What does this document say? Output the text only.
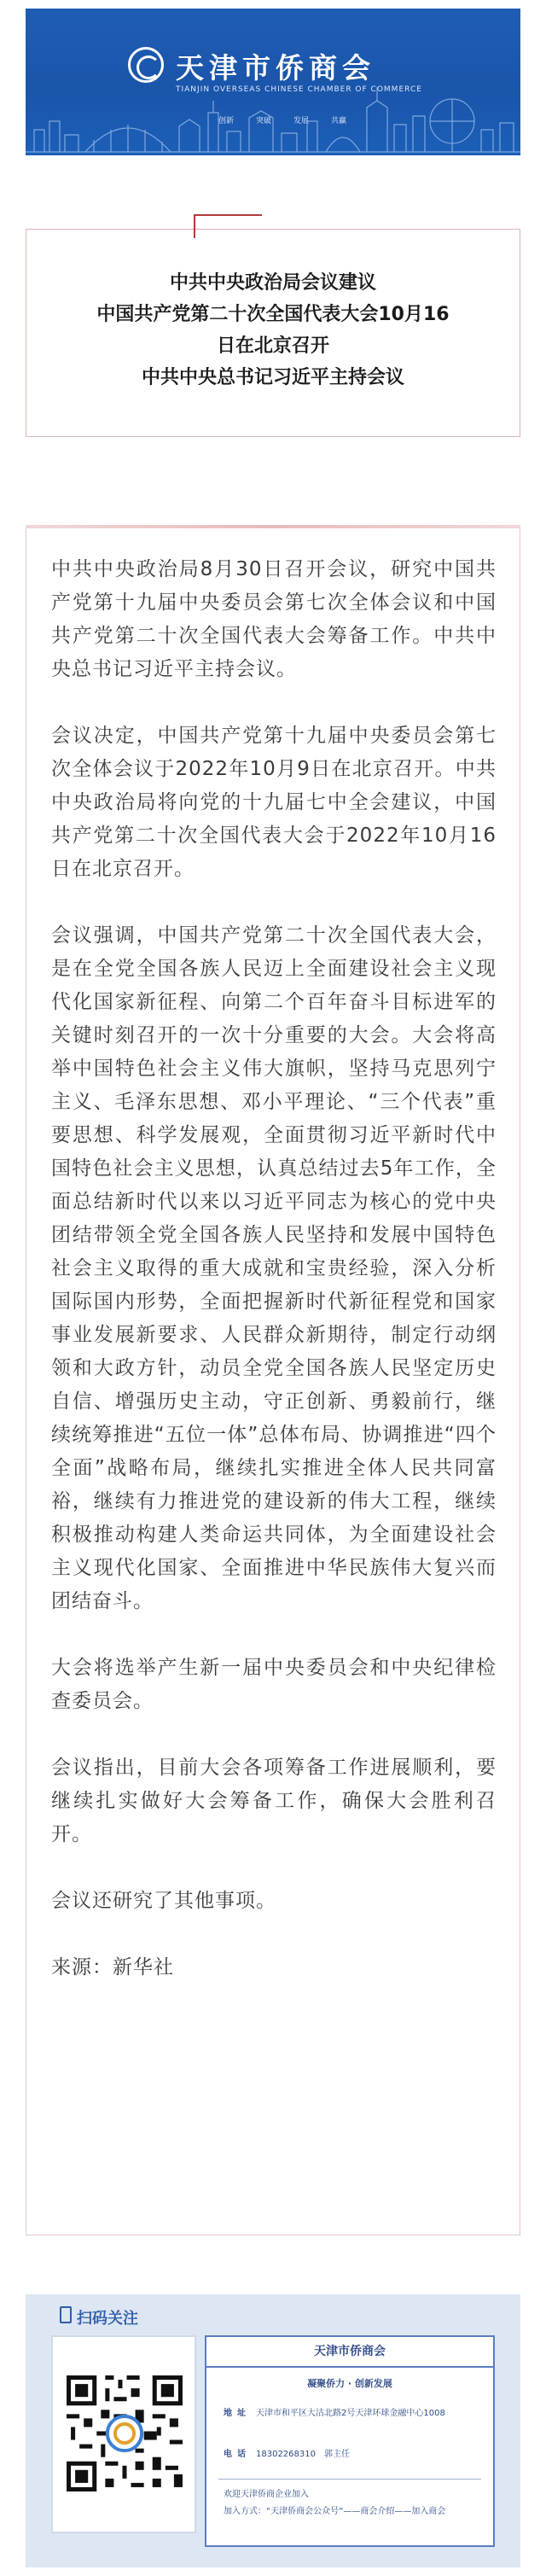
天津市侨商会
TIANJIN OVERSEAS CHINESE CHAMBER OF COMMERCE
创新	突破	发展	共赢
中共中央政治局会议建议
中国共产党第二十次全国代表大会10月16
日在北京召开
中共中央总书记习近平主持会议

中共中央政治局8月30日召开会议，研究中国共产党第十九届中央委员会第七次全体会议和中国共产党第二十次全国代表大会筹备工作。中共中央总书记习近平主持会议。

会议决定，中国共产党第十九届中央委员会第七次全体会议于2022年10月9日在北京召开。中共中央政治局将向党的十九届七中全会建议，中国共产党第二十次全国代表大会于2022年10月16日在北京召开。

会议强调，中国共产党第二十次全国代表大会，是在全党全国各族人民迈上全面建设社会主义现代化国家新征程、向第二个百年奋斗目标进军的关键时刻召开的一次十分重要的大会。大会将高举中国特色社会主义伟大旗帜，坚持马克思列宁主义、毛泽东思想、邓小平理论、“三个代表”重要思想、科学发展观，全面贯彻习近平新时代中国特色社会主义思想，认真总结过去5年工作，全面总结新时代以来以习近平同志为核心的党中央团结带领全党全国各族人民坚持和发展中国特色社会主义取得的重大成就和宝贵经验，深入分析国际国内形势，全面把握新时代新征程党和国家事业发展新要求、人民群众新期待，制定行动纲领和大政方针，动员全党全国各族人民坚定历史自信、增强历史主动，守正创新、勇毅前行，继续统筹推进“五位一体”总体布局、协调推进“四个全面”战略布局，继续扎实推进全体人民共同富裕，继续有力推进党的建设新的伟大工程，继续积极推动构建人类命运共同体，为全面建设社会主义现代化国家、全面推进中华民族伟大复兴而团结奋斗。

大会将选举产生新一届中央委员会和中央纪律检查委员会。

会议指出，目前大会各项筹备工作进展顺利，要继续扎实做好大会筹备工作，确保大会胜利召开。

会议还研究了其他事项。

来源：新华社

扫码关注
天津市侨商会
凝聚侨力 · 创新发展
地址 天津市和平区大沽北路2号天津环球金融中心1008
电话 18302268310　郭主任
欢迎天津侨商企业加入
加入方式：“天津侨商会公众号”——商会介绍——加入商会
